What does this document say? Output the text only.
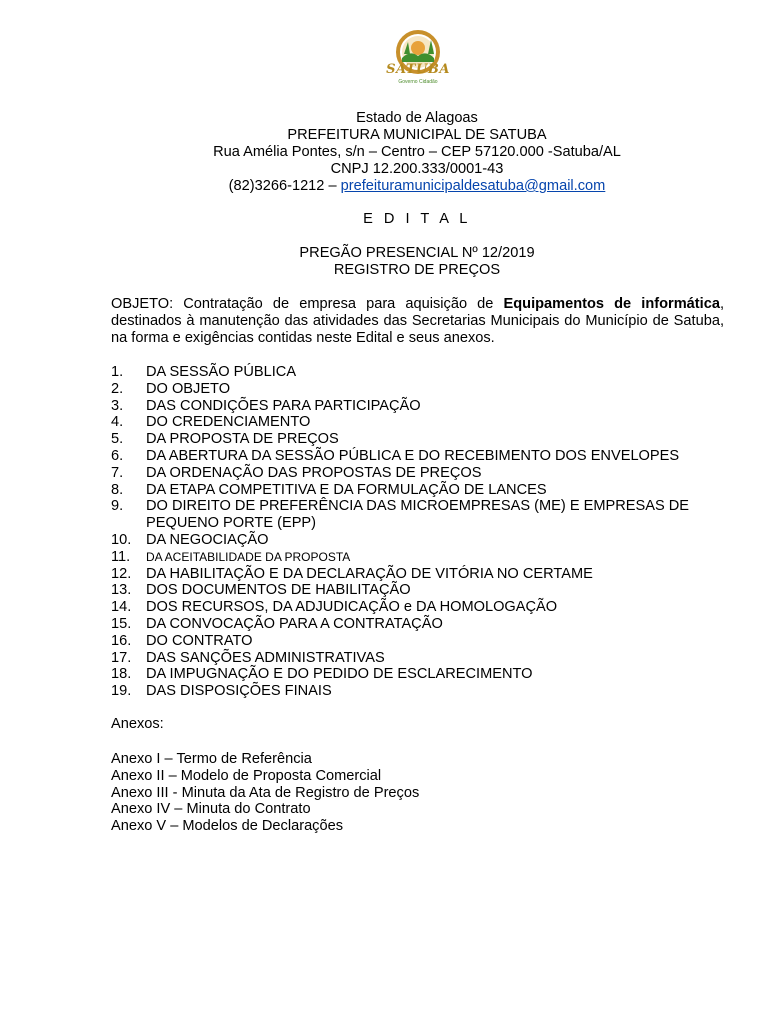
SATUBA
Governo Cidadão
Estado de Alagoas
PREFEITURA MUNICIPAL DE SATUBA
Rua Amélia Pontes, s/n – Centro – CEP 57120.000 -Satuba/AL
CNPJ 12.200.333/0001-43
(82)3266-1212 – prefeituramunicipaldesatuba@gmail.com
E D I T A L
PREGÃO PRESENCIAL Nº 12/2019
REGISTRO DE PREÇOS
OBJETO: Contratação de empresa para aquisição de Equipamentos de informática, destinados à manutenção das atividades das Secretarias Municipais do Município de Satuba, na forma e exigências contidas neste Edital e seus anexos.
1.	DA SESSÃO PÚBLICA
2.	DO OBJETO
3.	DAS CONDIÇÕES PARA PARTICIPAÇÃO
4.	DO CREDENCIAMENTO
5.	DA PROPOSTA DE PREÇOS
6.	DA ABERTURA DA SESSÃO PÚBLICA E DO RECEBIMENTO DOS ENVELOPES
7.	DA ORDENAÇÃO DAS PROPOSTAS DE PREÇOS
8.	DA ETAPA COMPETITIVA E DA FORMULAÇÃO DE LANCES
9.	DO DIREITO DE PREFERÊNCIA DAS MICROEMPRESAS (ME) E EMPRESAS DE PEQUENO PORTE (EPP)
10.	DA NEGOCIAÇÃO
11.	DA ACEITABILIDADE DA PROPOSTA
12.	DA HABILITAÇÃO E DA DECLARAÇÃO DE VITÓRIA NO CERTAME
13.	DOS DOCUMENTOS DE HABILITAÇÃO
14.	DOS RECURSOS, DA ADJUDICAÇÃO e DA HOMOLOGAÇÃO
15.	DA CONVOCAÇÃO PARA A CONTRATAÇÃO
16.	DO CONTRATO
17.	DAS SANÇÕES ADMINISTRATIVAS
18.	DA IMPUGNAÇÃO E DO PEDIDO DE ESCLARECIMENTO
19.	DAS DISPOSIÇÕES FINAIS
Anexos:
Anexo I – Termo de Referência
Anexo II – Modelo de Proposta Comercial
Anexo III - Minuta da Ata de Registro de Preços
Anexo IV – Minuta do Contrato
Anexo V – Modelos de Declarações
